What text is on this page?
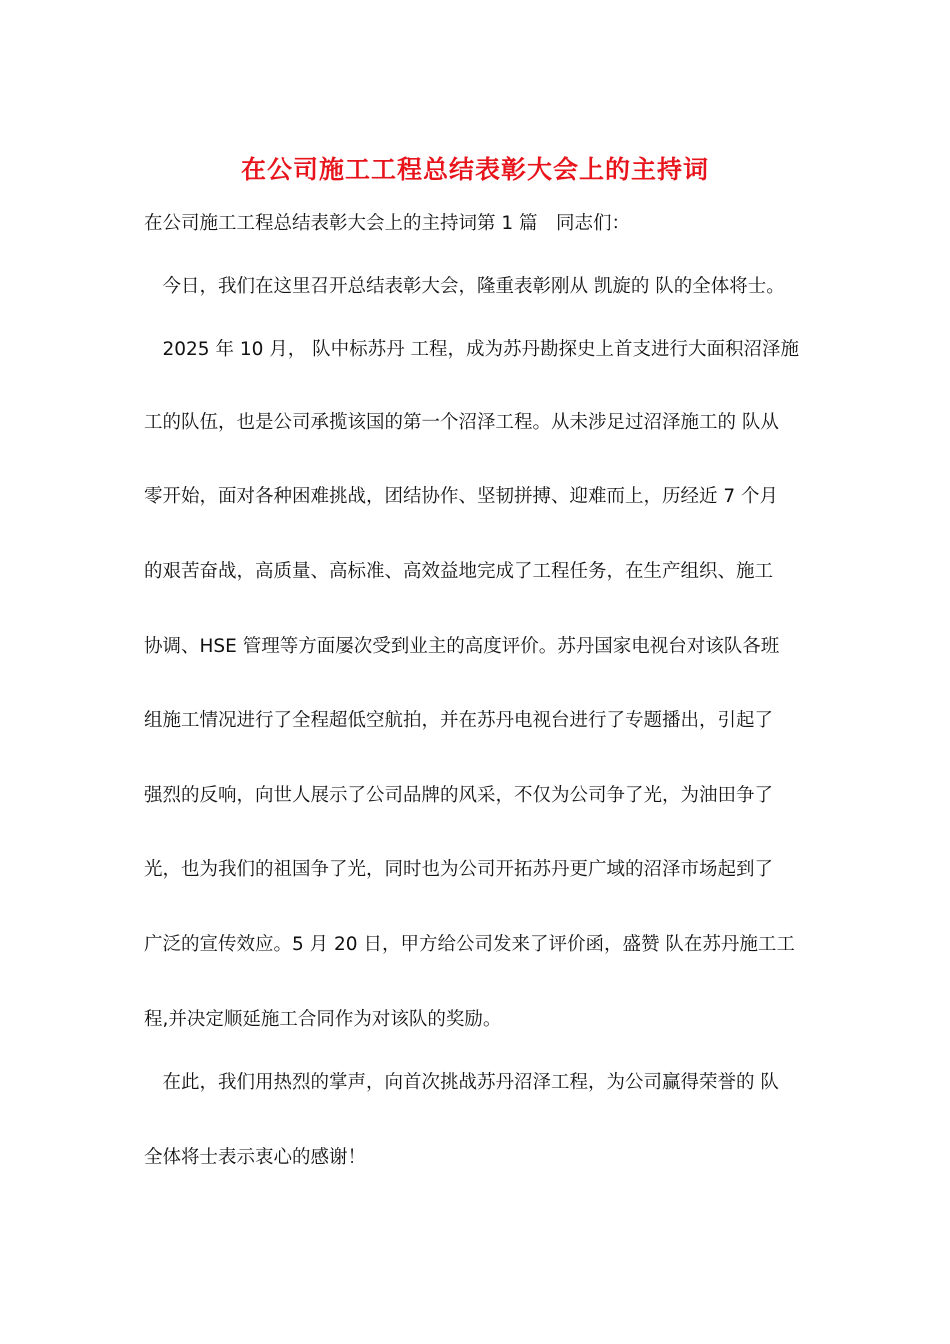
在公司施工工程总结表彰大会上的主持词
在公司施工工程总结表彰大会上的主持词第 1 篇　同志们：
　今日，我们在这里召开总结表彰大会，隆重表彰刚从 凯旋的 队的全体将士。
　2025 年 10 月， 队中标苏丹 工程，成为苏丹勘探史上首支进行大面积沼泽施
工的队伍，也是公司承揽该国的第一个沼泽工程。从未涉足过沼泽施工的 队从
零开始，面对各种困难挑战，团结协作、坚韧拼搏、迎难而上，历经近 7 个月
的艰苦奋战，高质量、高标准、高效益地完成了工程任务，在生产组织、施工
协调、HSE 管理等方面屡次受到业主的高度评价。苏丹国家电视台对该队各班
组施工情况进行了全程超低空航拍，并在苏丹电视台进行了专题播出，引起了
强烈的反响，向世人展示了公司品牌的风采，不仅为公司争了光，为油田争了
光，也为我们的祖国争了光，同时也为公司开拓苏丹更广域的沼泽市场起到了
广泛的宣传效应。5 月 20 日，甲方给公司发来了评价函，盛赞 队在苏丹施工工
程,并决定顺延施工合同作为对该队的奖励。
　在此，我们用热烈的掌声，向首次挑战苏丹沼泽工程，为公司赢得荣誉的 队
全体将士表示衷心的感谢！
